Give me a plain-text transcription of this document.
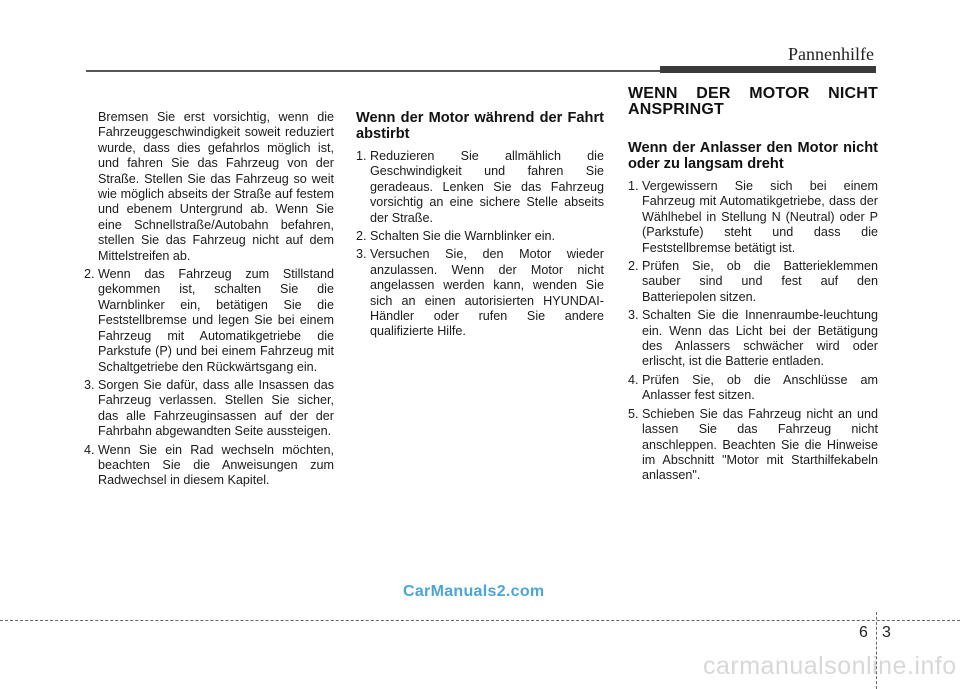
Pannenhilfe

Bremsen Sie erst vorsichtig, wenn die Fahrzeuggeschwindigkeit soweit reduziert wurde, dass dies gefahrlos möglich ist, und fahren Sie das Fahrzeug von der Straße. Stellen Sie das Fahrzeug so weit wie möglich abseits der Straße auf festem und ebenem Untergrund ab. Wenn Sie eine Schnellstraße/Autobahn befahren, stellen Sie das Fahrzeug nicht auf dem Mittelstreifen ab.

2. Wenn das Fahrzeug zum Stillstand gekommen ist, schalten Sie die Warnblinker ein, betätigen Sie die Feststellbremse und legen Sie bei einem Fahrzeug mit Automatikgetriebe die Parkstufe (P) und bei einem Fahrzeug mit Schaltgetriebe den Rückwärtsgang ein.
3. Sorgen Sie dafür, dass alle Insassen das Fahrzeug verlassen. Stellen Sie sicher, das alle Fahrzeuginsassen auf der der Fahrbahn abgewandten Seite aussteigen.
4. Wenn Sie ein Rad wechseln möchten, beachten Sie die Anweisungen zum Radwechsel in diesem Kapitel.
Wenn der Motor während der Fahrt abstirbt
1. Reduzieren Sie allmählich die Geschwindigkeit und fahren Sie geradeaus. Lenken Sie das Fahrzeug vorsichtig an eine sichere Stelle abseits der Straße.
2. Schalten Sie die Warnblinker ein.
3. Versuchen Sie, den Motor wieder anzulassen. Wenn der Motor nicht angelassen werden kann, wenden Sie sich an einen autorisierten HYUNDAI-Händler oder rufen Sie andere qualifizierte Hilfe.
WENN DER MOTOR NICHT ANSPRINGT
Wenn der Anlasser den Motor nicht oder zu langsam dreht
1. Vergewissern Sie sich bei einem Fahrzeug mit Automatikgetriebe, dass der Wählhebel in Stellung N (Neutral) oder P (Parkstufe) steht und dass die Feststellbremse betätigt ist.
2. Prüfen Sie, ob die Batterieklemmen sauber sind und fest auf den Batteriepolen sitzen.
3. Schalten Sie die Innenraumbe-leuchtung ein. Wenn das Licht bei der Betätigung des Anlassers schwächer wird oder erlischt, ist die Batterie entladen.
4. Prüfen Sie, ob die Anschlüsse am Anlasser fest sitzen.
5. Schieben Sie das Fahrzeug nicht an und lassen Sie das Fahrzeug nicht anschleppen. Beachten Sie die Hinweise im Abschnitt "Motor mit Starthilfekabeln anlassen".
CarManuals2.com
6 3
carmanualsonline.info
